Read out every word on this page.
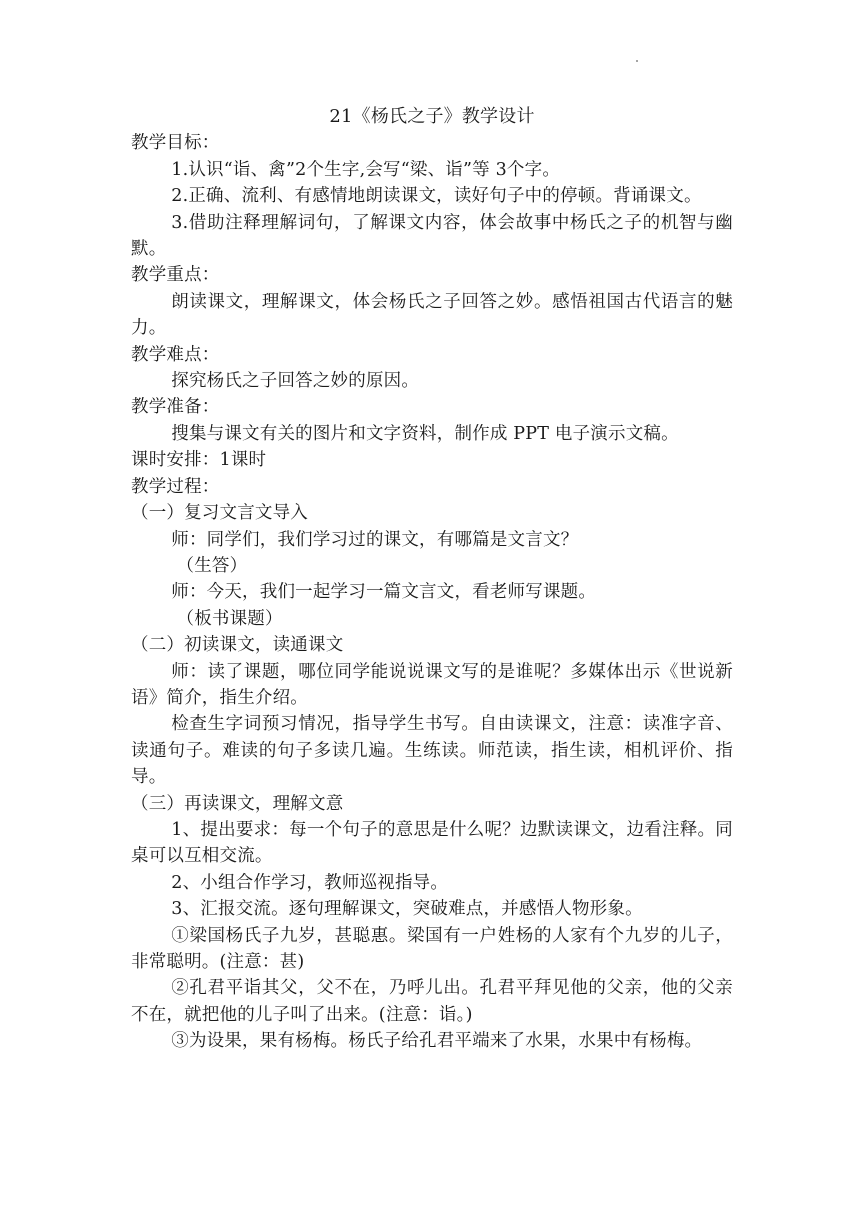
21《杨氏之子》教学设计

教学目标：

1.认识“诣、禽”2个生字,会写“梁、诣”等 3个字。

2.正确、流利、有感情地朗读课文，读好句子中的停顿。背诵课文。

3.借助注释理解词句，了解课文内容，体会故事中杨氏之子的机智与幽默。

教学重点：

朗读课文，理解课文，体会杨氏之子回答之妙。感悟祖国古代语言的魅力。

教学难点：

探究杨氏之子回答之妙的原因。

教学准备：

搜集与课文有关的图片和文字资料，制作成 PPT 电子演示文稿。

课时安排：1课时

教学过程：

（一）复习文言文导入

师：同学们，我们学习过的课文，有哪篇是文言文？

（生答）

师：今天，我们一起学习一篇文言文，看老师写课题。

（板书课题）

（二）初读课文，读通课文

师：读了课题，哪位同学能说说课文写的是谁呢？多媒体出示《世说新语》简介，指生介绍。

检查生字词预习情况，指导学生书写。自由读课文，注意：读准字音、读通句子。难读的句子多读几遍。生练读。师范读，指生读，相机评价、指导。

（三）再读课文，理解文意

1、提出要求：每一个句子的意思是什么呢？边默读课文，边看注释。同桌可以互相交流。

2、小组合作学习，教师巡视指导。

3、汇报交流。逐句理解课文，突破难点，并感悟人物形象。

①梁国杨氏子九岁，甚聪惠。梁国有一户姓杨的人家有个九岁的儿子，非常聪明。(注意：甚)

②孔君平诣其父，父不在，乃呼儿出。孔君平拜见他的父亲，他的父亲不在，就把他的儿子叫了出来。(注意：诣。)

③为设果，果有杨梅。杨氏子给孔君平端来了水果，水果中有杨梅。
